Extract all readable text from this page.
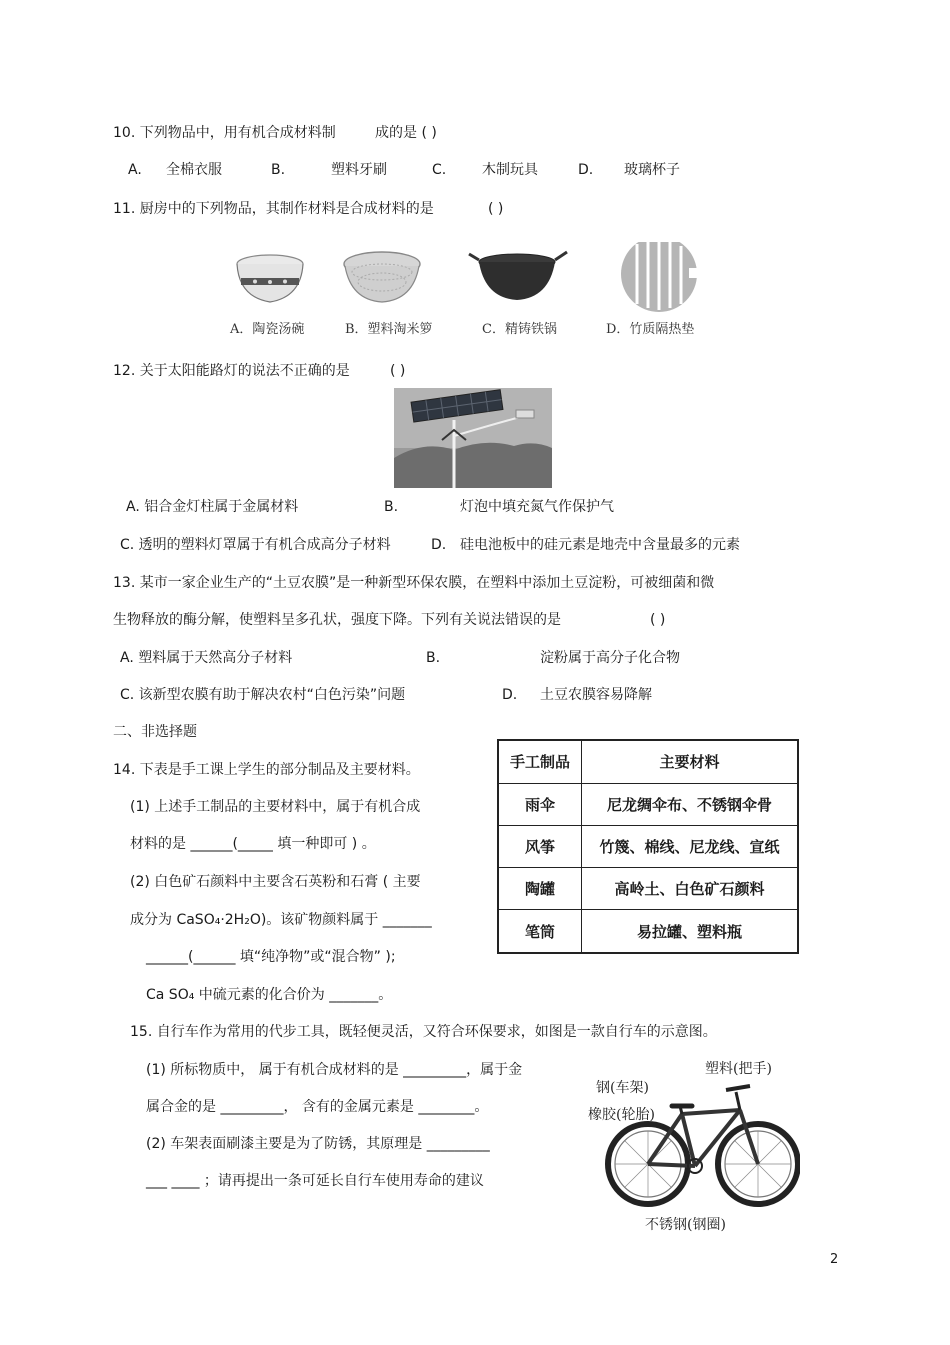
10. 下列物品中，用有机合成材料制	成的是 ( )
A. 全棉衣服	B.	塑料牙刷	C.	木制玩具	D. 玻璃杯子
11. 厨房中的下列物品，其制作材料是合成材料的是	( )
A．陶瓷汤碗	B．塑料淘米箩	C．精铸铁锅	D．竹质隔热垫
12. 关于太阳能路灯的说法不正确的是	( )
A. 铝合金灯柱属于金属材料	B.	灯泡中填充氮气作保护气
C. 透明的塑料灯罩属于有机合成高分子材料	D. 硅电池板中的硅元素是地壳中含量最多的元素
13. 某市一家企业生产的“土豆农膜”是一种新型环保农膜，在塑料中添加土豆淀粉，可被细菌和微
生物释放的酶分解，使塑料呈多孔状，强度下降。下列有关说法错误的是	( )
A. 塑料属于天然高分子材料	B.	淀粉属于高分子化合物
C. 该新型农膜有助于解决农村“白色污染”问题	D. 土豆农膜容易降解
二、非选择题
14. 下表是手工课上学生的部分制品及主要材料。
(1) 上述手工制品的主要材料中，属于有机合成
材料的是 ______(_____ 填一种即可 ) 。
(2) 白色矿石颜料中主要含石英粉和石膏 ( 主要
成分为 CaSO₄·2H₂O)。该矿物颜料属于 _______
______(______ 填“纯净物”或“混合物” );
Ca SO₄ 中硫元素的化合价为 _______。
手工制品	主要材料
雨伞	尼龙绸伞布、不锈钢伞骨
风筝	竹篾、棉线、尼龙线、宣纸
陶罐	高岭土、白色矿石颜料
笔筒	易拉罐、塑料瓶
15. 自行车作为常用的代步工具，既轻便灵活，又符合环保要求，如图是一款自行车的示意图。
(1) 所标物质中， 属于有机合成材料的是 _________，属于金
属合金的是 _________， 含有的金属元素是 ________。
(2) 车架表面刷漆主要是为了防锈，其原理是 _________
___ ____ ；请再提出一条可延长自行车使用寿命的建议
塑料(把手)
钢(车架)
橡胶(轮胎)
不锈钢(钢圈)
2
